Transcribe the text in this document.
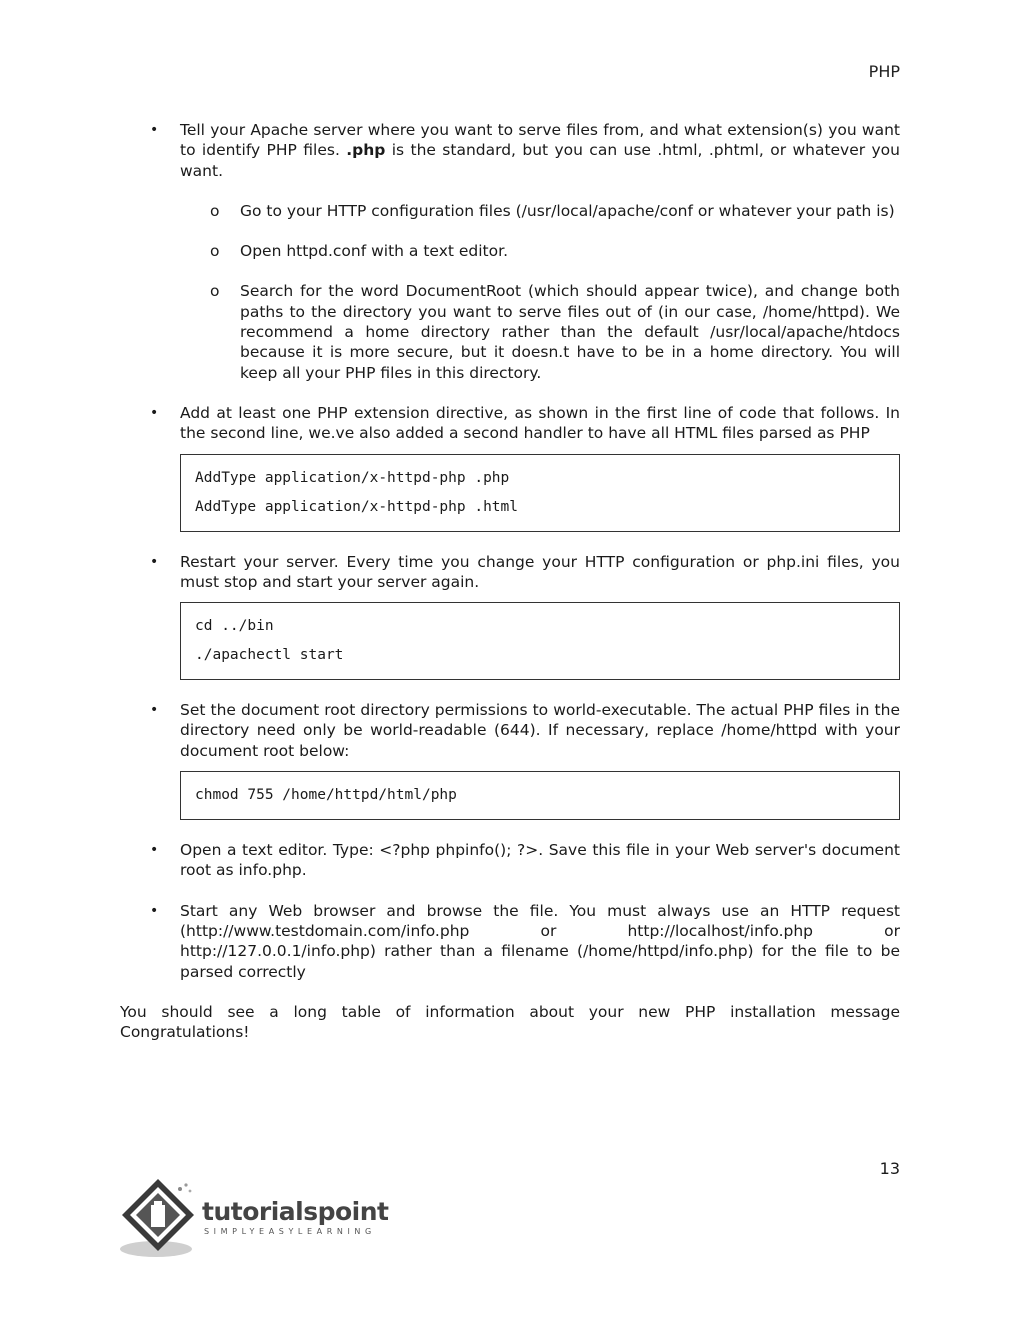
PHP
• Tell your Apache server where you want to serve files from, and what extension(s) you want to identify PHP files. .php is the standard, but you can use .html, .phtml, or whatever you want.

o Go to your HTTP configuration files (/usr/local/apache/conf or whatever your path is)

o Open httpd.conf with a text editor.

o Search for the word DocumentRoot (which should appear twice), and change both paths to the directory you want to serve files out of (in our case, /home/httpd). We recommend a home directory rather than the default /usr/local/apache/htdocs because it is more secure, but it doesn.t have to be in a home directory. You will keep all your PHP files in this directory.

• Add at least one PHP extension directive, as shown in the first line of code that follows. In the second line, we.ve also added a second handler to have all HTML files parsed as PHP

AddType application/x-httpd-php .php
AddType application/x-httpd-php .html
• Restart your server. Every time you change your HTTP configuration or php.ini files, you must stop and start your server again.

cd ../bin
./apachectl start
• Set the document root directory permissions to world-executable. The actual PHP files in the directory need only be world-readable (644). If necessary, replace /home/httpd with your document root below:

chmod 755 /home/httpd/html/php
• Open a text editor. Type: <?php phpinfo(); ?>. Save this file in your Web server's document root as info.php.

• Start any Web browser and browse the file. You must always use an HTTP request (http://www.testdomain.com/info.php or http://localhost/info.php or http://127.0.0.1/info.php) rather than a filename (/home/httpd/info.php) for the file to be parsed correctly

You should see a long table of information about your new PHP installation message Congratulations!

13
tutorialspoint
SIMPLYEASYLEARNING
